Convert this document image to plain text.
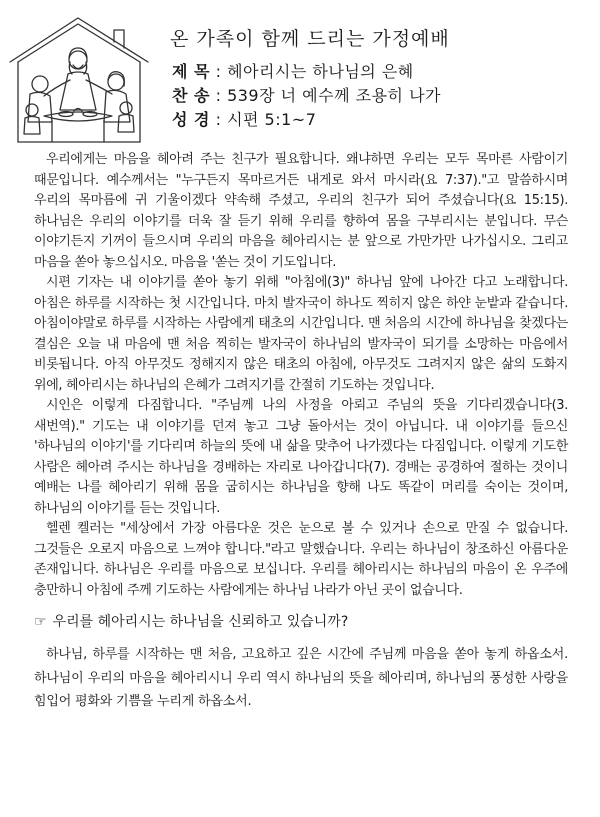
온 가족이 함께 드리는 가정예배
제 목 : 헤아리시는 하나님의 은혜
찬 송 : 539장 너 예수께 조용히 나가
성 경 : 시편 5:1~7

우리에게는 마음을 헤아려 주는 친구가 필요합니다. 왜냐하면 우리는 모두 목마른 사람이기 때문입니다. 예수께서는 "누구든지 목마르거든 내게로 와서 마시라(요 7:37)."고 말씀하시며 우리의 목마름에 귀 기울이겠다 약속해 주셨고, 우리의 친구가 되어 주셨습니다(요 15:15). 하나님은 우리의 이야기를 더욱 잘 듣기 위해 우리를 향하여 몸을 구부리시는 분입니다. 무슨 이야기든지 기꺼이 들으시며 우리의 마음을 헤아리시는 분 앞으로 가만가만 나가십시오. 그리고 마음을 쏟아 놓으십시오. 마음을 '쏟는 것이 기도입니다.

시편 기자는 내 이야기를 쏟아 놓기 위해 "아침에(3)" 하나님 앞에 나아간 다고 노래합니다. 아침은 하루를 시작하는 첫 시간입니다. 마치 발자국이 하나도 찍히지 않은 하얀 눈밭과 같습니다. 아침이야말로 하루를 시작하는 사람에게 태초의 시간입니다. 맨 처음의 시간에 하나님을 찾겠다는 결심은 오늘 내 마음에 맨 처음 찍히는 발자국이 하나님의 발자국이 되기를 소망하는 마음에서 비롯됩니다. 아직 아무것도 정해지지 않은 태초의 아침에, 아무것도 그려지지 않은 삶의 도화지 위에, 헤아리시는 하나님의 은혜가 그려지기를 간절히 기도하는 것입니다.

시인은 이렇게 다짐합니다. "주님께 나의 사정을 아뢰고 주님의 뜻을 기다리겠습니다(3. 새번역)." 기도는 내 이야기를 던져 놓고 그냥 돌아서는 것이 아닙니다. 내 이야기를 들으신 '하나님의 이야기'를 기다리며 하늘의 뜻에 내 삶을 맞추어 나가겠다는 다짐입니다. 이렇게 기도한 사람은 헤아려 주시는 하나님을 경배하는 자리로 나아갑니다(7). 경배는 공경하여 절하는 것이니 예배는 나를 헤아리기 위해 몸을 굽히시는 하나님을 향해 나도 똑같이 머리를 숙이는 것이며, 하나님의 이야기를 듣는 것입니다.

헬렌 켈러는 "세상에서 가장 아름다운 것은 눈으로 볼 수 있거나 손으로 만질 수 없습니다. 그것들은 오로지 마음으로 느껴야 합니다."라고 말했습니다. 우리는 하나님이 창조하신 아름다운 존재입니다. 하나님은 우리를 마음으로 보십니다. 우리를 헤아리시는 하나님의 마음이 온 우주에 충만하니 아침에 주께 기도하는 사람에게는 하나님 나라가 아닌 곳이 없습니다.

☞ 우리를 헤아리시는 하나님을 신뢰하고 있습니까?

하나님, 하루를 시작하는 맨 처음, 고요하고 깊은 시간에 주님께 마음을 쏟아 놓게 하옵소서. 하나님이 우리의 마음을 헤아리시니 우리 역시 하나님의 뜻을 헤아리며, 하나님의 풍성한 사랑을 힘입어 평화와 기쁨을 누리게 하옵소서.
